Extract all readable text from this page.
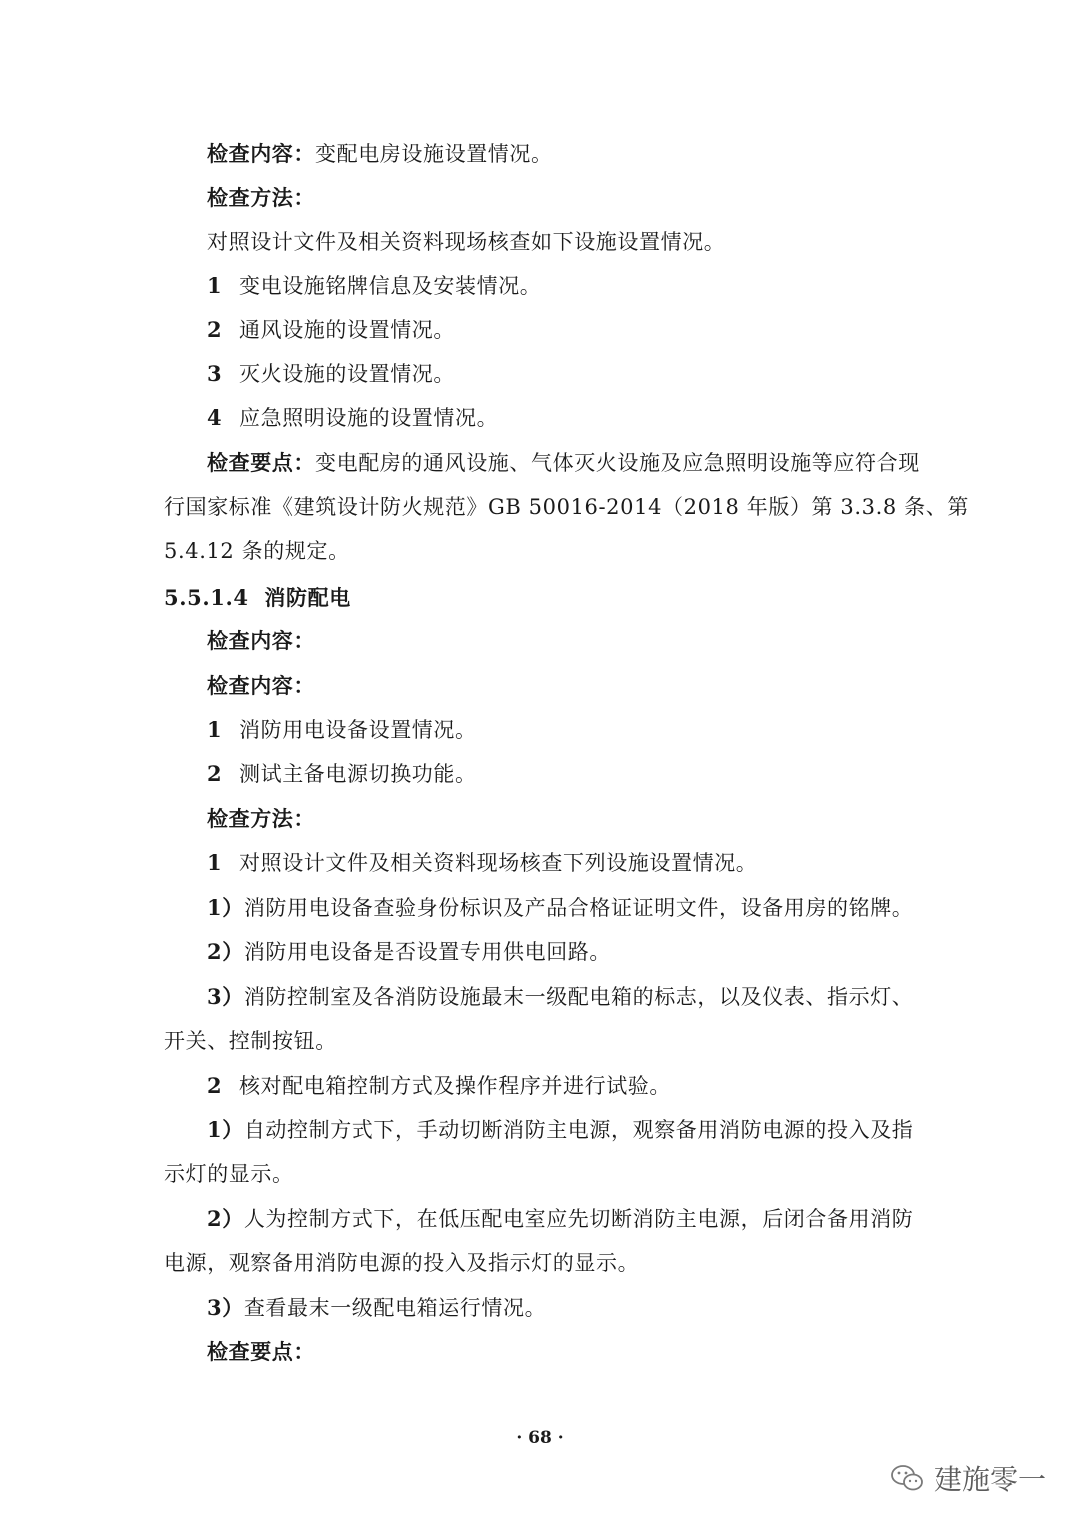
检查内容：变配电房设施设置情况。
检查方法：
对照设计文件及相关资料现场核查如下设施设置情况。
1 变电设施铭牌信息及安装情况。
2 通风设施的设置情况。
3 灭火设施的设置情况。
4 应急照明设施的设置情况。
检查要点：变电配房的通风设施、气体灭火设施及应急照明设施等应符合现
行国家标准《建筑设计防火规范》GB 50016-2014（2018 年版）第 3.3.8 条、第
5.4.12 条的规定。
5.5.1.4 消防配电
检查内容：
检查内容：
1 消防用电设备设置情况。
2 测试主备电源切换功能。
检查方法：
1 对照设计文件及相关资料现场核查下列设施设置情况。
1）消防用电设备查验身份标识及产品合格证证明文件，设备用房的铭牌。
2）消防用电设备是否设置专用供电回路。
3）消防控制室及各消防设施最末一级配电箱的标志，以及仪表、指示灯、
开关、控制按钮。
2 核对配电箱控制方式及操作程序并进行试验。
1）自动控制方式下，手动切断消防主电源，观察备用消防电源的投入及指
示灯的显示。
2）人为控制方式下，在低压配电室应先切断消防主电源，后闭合备用消防
电源，观察备用消防电源的投入及指示灯的显示。
3）查看最末一级配电箱运行情况。
检查要点：
· 68 ·
建施零一
